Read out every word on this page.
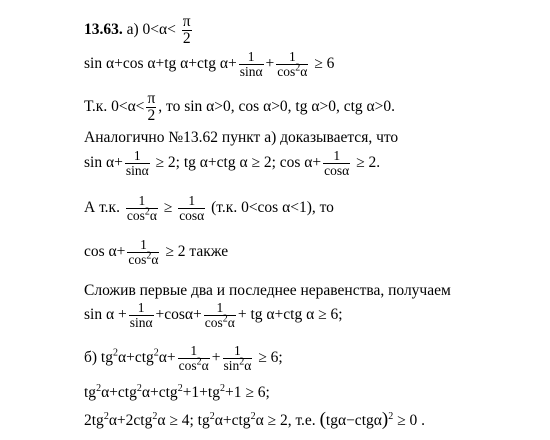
13.63. а) $0<\alpha< \frac{\pi}{2}$
sin α+cos α+tg α+ctg $\alpha+ \frac{1}{\sin\alpha} + \frac{1}{\cos^2\alpha} \ge 6$
Т.к. $0<\alpha< \frac{\pi}{2}$ , то sin α>0, cos α>0, tg α>0, ctg α>0.
Аналогично №13.62 пункт а) доказывается, что
$\sin \alpha+ \frac{1}{\sin\alpha} \ge 2$; tg α+ctg α ≥ 2; $\cos \alpha+ \frac{1}{\cos\alpha} \ge 2$.
А т.к. $\frac{1}{\cos^2\alpha} \ge \frac{1}{\cos\alpha} (т.к$. 0<cos α<1), то
$\cos \alpha+ \frac{1}{\cos^2\alpha} \ge 2$ также
Сложив первые два и последнее неравенства, получаем
$\sin \alpha + \frac{1}{\sin\alpha} +\cos\alpha+ \frac{1}{\cos^2\alpha}$ + tg α+ctg α ≥ 6;
б) $tg^2\alpha+ctg^2\alpha+ \frac{1}{\cos^2\alpha} + \frac{1}{\sin^2\alpha} \ge 6$;
$tg^2\alpha+ctg^2\alpha+ctg^2+1+tg^2+1 \ge 6$;
$2tg^2\alpha+2ctg^2\alpha \ge 4$; $tg^2\alpha+ctg^2\alpha \ge 2$, т.е. $(tg\alpha-ctg\alpha)^2 \ge 0$ .
